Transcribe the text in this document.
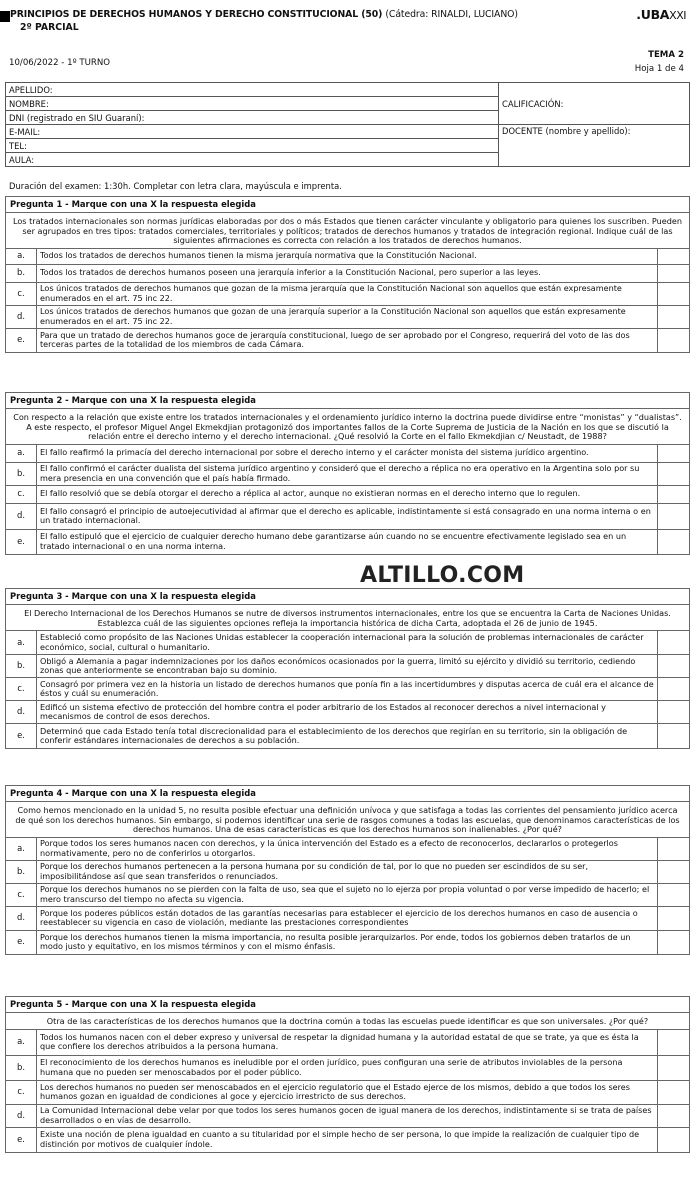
PRINCIPIOS DE DERECHOS HUMANOS Y DERECHO CONSTITUCIONAL (50) (Cátedra: RINALDI, LUCIANO)
2º PARCIAL
.UBAXXI
10/06/2022 - 1º TURNO
TEMA 2
Hoja 1 de 4
APELLIDO:	CALIFICACIÓN:
NOMBRE:	
DNI (registrado en SIU Guaraní):	
E-MAIL:	DOCENTE (nombre y apellido):
TEL:	
AULA:	
Duración del examen: 1:30h. Completar con letra clara, mayúscula e imprenta.
Pregunta 1 - Marque con una X la respuesta elegida
Los tratados internacionales son normas jurídicas elaboradas por dos o más Estados que tienen carácter vinculante y obligatorio para quienes los suscriben. Pueden ser agrupados en tres tipos: tratados comerciales, territoriales y políticos; tratados de derechos humanos y tratados de integración regional. Indique cuál de las siguientes afirmaciones es correcta con relación a los tratados de derechos humanos.
a.	Todos los tratados de derechos humanos tienen la misma jerarquía normativa que la Constitución Nacional.
b.	Todos los tratados de derechos humanos poseen una jerarquía inferior a la Constitución Nacional, pero superior a las leyes.
c.	Los únicos tratados de derechos humanos que gozan de la misma jerarquía que la Constitución Nacional son aquellos que están expresamente enumerados en el art. 75 inc 22.
d.	Los únicos tratados de derechos humanos que gozan de una jerarquía superior a la Constitución Nacional son aquellos que están expresamente enumerados en el art. 75 inc 22.
e.	Para que un tratado de derechos humanos goce de jerarquía constitucional, luego de ser aprobado por el Congreso, requerirá del voto de las dos terceras partes de la totalidad de los miembros de cada Cámara.
Pregunta 2 - Marque con una X la respuesta elegida
Con respecto a la relación que existe entre los tratados internacionales y el ordenamiento jurídico interno la doctrina puede dividirse entre “monistas” y “dualistas”. A este respecto, el profesor Miguel Angel Ekmekdjian protagonizó dos importantes fallos de la Corte Suprema de Justicia de la Nación en los que se discutió la relación entre el derecho interno y el derecho internacional. ¿Qué resolvió la Corte en el fallo Ekmekdjian c/ Neustadt, de 1988?
a.	El fallo reafirmó la primacía del derecho internacional por sobre el derecho interno y el carácter monista del sistema jurídico argentino.
b.	El fallo confirmó el carácter dualista del sistema jurídico argentino y consideró que el derecho a réplica no era operativo en la Argentina solo por su mera presencia en una convención que el país había firmado.
c.	El fallo resolvió que se debía otorgar el derecho a réplica al actor, aunque no existieran normas en el derecho interno que lo regulen.
d.	El fallo consagró el principio de autoejecutividad al afirmar que el derecho es aplicable, indistintamente si está consagrado en una norma interna o en un tratado internacional.
e.	El fallo estipuló que el ejercicio de cualquier derecho humano debe garantizarse aún cuando no se encuentre efectivamente legislado sea en un tratado internacional o en una norma interna.
Pregunta 3 - Marque con una X la respuesta elegida
El Derecho Internacional de los Derechos Humanos se nutre de diversos instrumentos internacionales, entre los que se encuentra la Carta de Naciones Unidas. Establezca cuál de las siguientes opciones refleja la importancia histórica de dicha Carta, adoptada el 26 de junio de 1945.
a.	Estableció como propósito de las Naciones Unidas establecer la cooperación internacional para la solución de problemas internacionales de carácter económico, social, cultural o humanitario.
b.	Obligó a Alemania a pagar indemnizaciones por los daños económicos ocasionados por la guerra, limitó su ejército y dividió su territorio, cediendo zonas que anteriormente se encontraban bajo su dominio.
c.	Consagró por primera vez en la historia un listado de derechos humanos que ponía fin a las incertidumbres y disputas acerca de cuál era el alcance de éstos y cuál su enumeración.
d.	Edificó un sistema efectivo de protección del hombre contra el poder arbitrario de los Estados al reconocer derechos a nivel internacional y mecanismos de control de esos derechos.
e.	Determinó que cada Estado tenía total discrecionalidad para el establecimiento de los derechos que regirían en su territorio, sin la obligación de conferir estándares internacionales de derechos a su población.
Pregunta 4 - Marque con una X la respuesta elegida
Como hemos mencionado en la unidad 5, no resulta posible efectuar una definición unívoca y que satisfaga a todas las corrientes del pensamiento jurídico acerca de qué son los derechos humanos. Sin embargo, si podemos identificar una serie de rasgos comunes a todas las escuelas, que denominamos características de los derechos humanos. Una de esas características es que los derechos humanos son inalienables. ¿Por qué?
a.	Porque todos los seres humanos nacen con derechos, y la única intervención del Estado es a efecto de reconocerlos, declararlos o protegerlos normativamente, pero no de conferirlos u otorgarlos.
b.	Porque los derechos humanos pertenecen a la persona humana por su condición de tal, por lo que no pueden ser escindidos de su ser, imposibilitándose así que sean transferidos o renunciados.
c.	Porque los derechos humanos no se pierden con la falta de uso, sea que el sujeto no lo ejerza por propia voluntad o por verse impedido de hacerlo; el mero transcurso del tiempo no afecta su vigencia.
d.	Porque los poderes públicos están dotados de las garantías necesarias para establecer el ejercicio de los derechos humanos en caso de ausencia o reestablecer su vigencia en caso de violación, mediante las prestaciones correspondientes
e.	Porque los derechos humanos tienen la misma importancia, no resulta posible jerarquizarlos. Por ende, todos los gobiernos deben tratarlos de un modo justo y equitativo, en los mismos términos y con el mismo énfasis.
Pregunta 5 - Marque con una X la respuesta elegida
Otra de las características de los derechos humanos que la doctrina común a todas las escuelas puede identificar es que son universales. ¿Por qué?
a.	Todos los humanos nacen con el deber expreso y universal de respetar la dignidad humana y la autoridad estatal de que se trate, ya que es ésta la que confiere los derechos atribuidos a la persona humana.
b.	El reconocimiento de los derechos humanos es ineludible por el orden jurídico, pues configuran una serie de atributos inviolables de la persona humana que no pueden ser menoscabados por el poder público.
c.	Los derechos humanos no pueden ser menoscabados en el ejercicio regulatorio que el Estado ejerce de los mismos, debido a que todos los seres humanos gozan en igualdad de condiciones al goce y ejercicio irrestricto de sus derechos.
d.	La Comunidad Internacional debe velar por que todos los seres humanos gocen de igual manera de los derechos, indistintamente si se trata de países desarrollados o en vías de desarrollo.
e.	Existe una noción de plena igualdad en cuanto a su titularidad por el simple hecho de ser persona, lo que impide la realización de cualquier tipo de distinción por motivos de cualquier índole.
ALTILLO.COM
